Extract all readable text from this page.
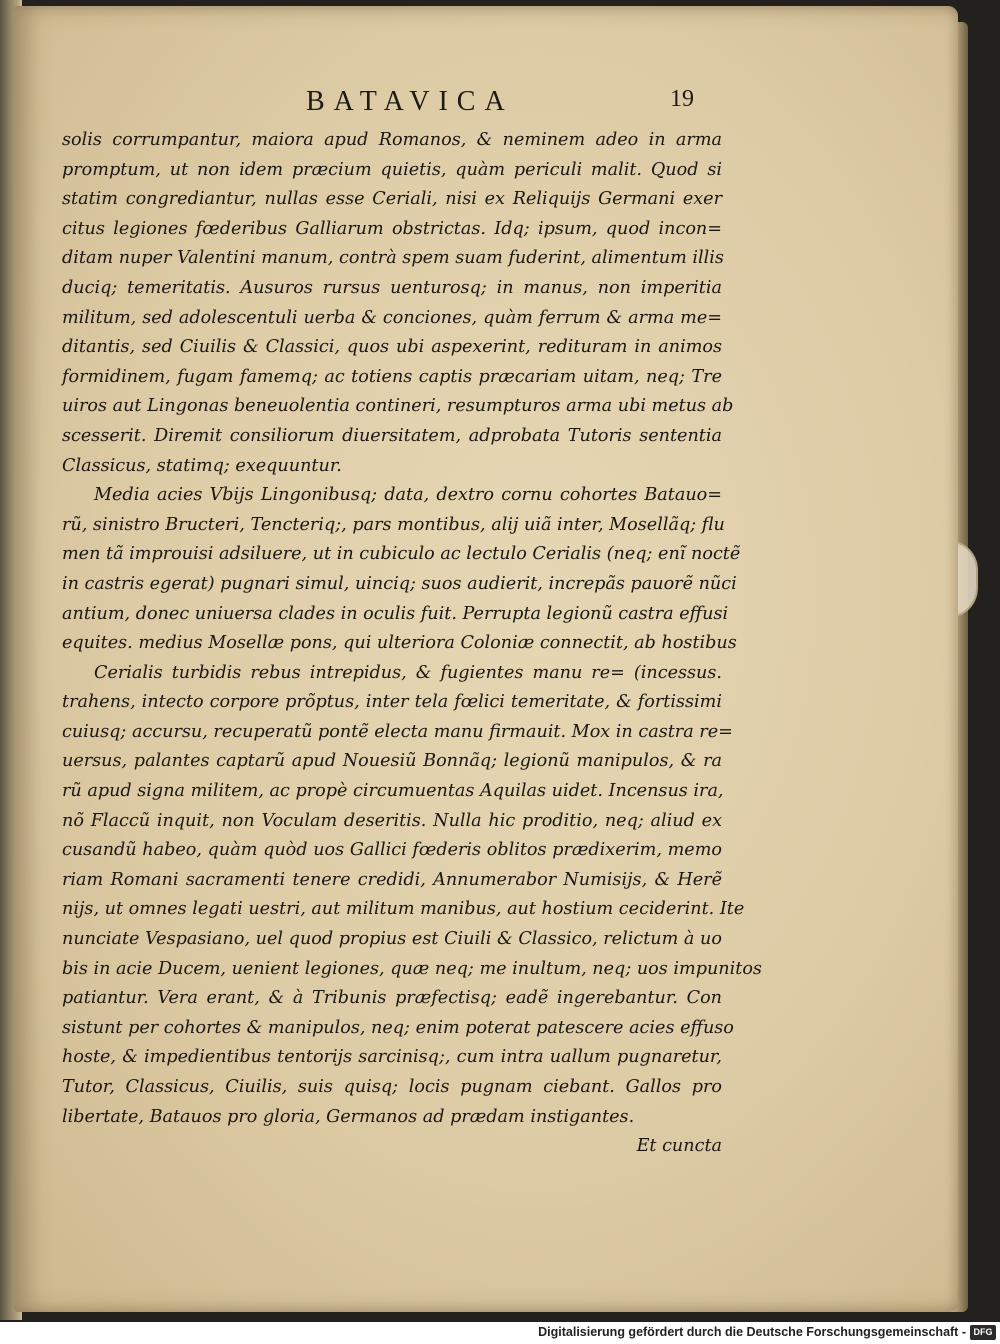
BATAVICA	19
solis corrumpantur, maiora apud Romanos, & neminem adeo in arma
promptum, ut non idem præcium quietis, quàm periculi malit. Quod si
statim congrediantur, nullas esse Ceriali, nisi ex Reliquijs Germani exer
citus legiones fœderibus Galliarum obstrictas. Idq; ipsum, quod incon=
ditam nuper Valentini manum, contrà spem suam fuderint, alimentum illis
duciq; temeritatis. Ausuros rursus uenturosq; in manus, non imperitia
militum, sed adolescentuli uerba & conciones, quàm ferrum & arma me=
ditantis, sed Ciuilis & Classici, quos ubi aspexerint, redituram in animos
formidinem, fugam famemq; ac totiens captis præcariam uitam, neq; Tre
uiros aut Lingonas beneuolentia contineri, resumpturos arma ubi metus ab
scesserit. Diremit consiliorum diuersitatem, adprobata Tutoris sententia
Classicus, statimq; exequuntur.
Media acies Vbijs Lingonibusq; data, dextro cornu cohortes Batauo=
rũ, sinistro Bructeri, Tencteriq;, pars montibus, alij uiã inter, Mosellãq; flu
men tã improuisi adsiluere, ut in cubiculo ac lectulo Cerialis (neq; enĩ noctẽ
in castris egerat) pugnari simul, uinciq; suos audierit, increpãs pauorẽ nũci
antium, donec uniuersa clades in oculis fuit. Perrupta legionũ castra effusi
equites. medius Mosellæ pons, qui ulteriora Coloniæ connectit, ab hostibus
Cerialis turbidis rebus intrepidus, & fugientes manu re= (incessus.
trahens, intecto corpore prõptus, inter tela fœlici temeritate, & fortissimi
cuiusq; accursu, recuperatũ pontẽ electa manu firmauit. Mox in castra re=
uersus, palantes captarũ apud Nouesiũ Bonnãq; legionũ manipulos, & ra
rũ apud signa militem, ac propè circumuentas Aquilas uidet. Incensus ira,
nõ Flaccũ inquit, non Voculam deseritis. Nulla hic proditio, neq; aliud ex
cusandũ habeo, quàm quòd uos Gallici fœderis oblitos prædixerim, memo
riam Romani sacramenti tenere credidi, Annumerabor Numisijs, & Herẽ
nijs, ut omnes legati uestri, aut militum manibus, aut hostium ceciderint. Ite
nunciate Vespasiano, uel quod propius est Ciuili & Classico, relictum à uo
bis in acie Ducem, uenient legiones, quæ neq; me inultum, neq; uos impunitos
patiantur. Vera erant, & à Tribunis præfectisq; eadẽ ingerebantur. Con
sistunt per cohortes & manipulos, neq; enim poterat patescere acies effuso
hoste, & impedientibus tentorijs sarcinisq;, cum intra uallum pugnaretur,
Tutor, Classicus, Ciuilis, suis quisq; locis pugnam ciebant. Gallos pro
libertate, Batauos pro gloria, Germanos ad prædam instigantes.
Et cuncta
Digitalisierung gefördert durch die Deutsche Forschungsgemeinschaft - DFG
